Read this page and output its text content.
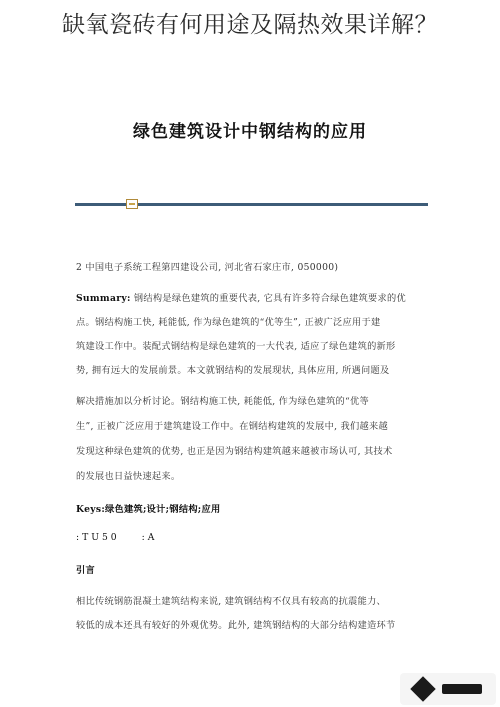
缺氧瓷砖有何用途及隔热效果详解？
绿色建筑设计中钢结构的应用
2 中国电子系统工程第四建设公司, 河北省石家庄市, 050000)
Summary: 钢结构是绿色建筑的重要代表, 它具有许多符合绿色建筑要求的优
点。钢结构施工快, 耗能低, 作为绿色建筑的“优等生”, 正被广泛应用于建
筑建设工作中。装配式钢结构是绿色建筑的一大代表, 适应了绿色建筑的新形
势, 拥有远大的发展前景。本文就钢结构的发展现状, 具体应用, 所遇问题及
解决措施加以分析讨论。钢结构施工快, 耗能低, 作为绿色建筑的“优等
生”, 正被广泛应用于建筑建设工作中。在钢结构建筑的发展中, 我们越来越
发现这种绿色建筑的优势, 也正是因为钢结构建筑越来越被市场认可, 其技术
的发展也日益快速起来。
Keys:绿色建筑;设计;钢结构;应用
:TU50 :A
引言
相比传统钢筋混凝土建筑结构来说, 建筑钢结构不仅具有较高的抗震能力、
较低的成本还具有较好的外观优势。此外, 建筑钢结构的大部分结构建造环节
